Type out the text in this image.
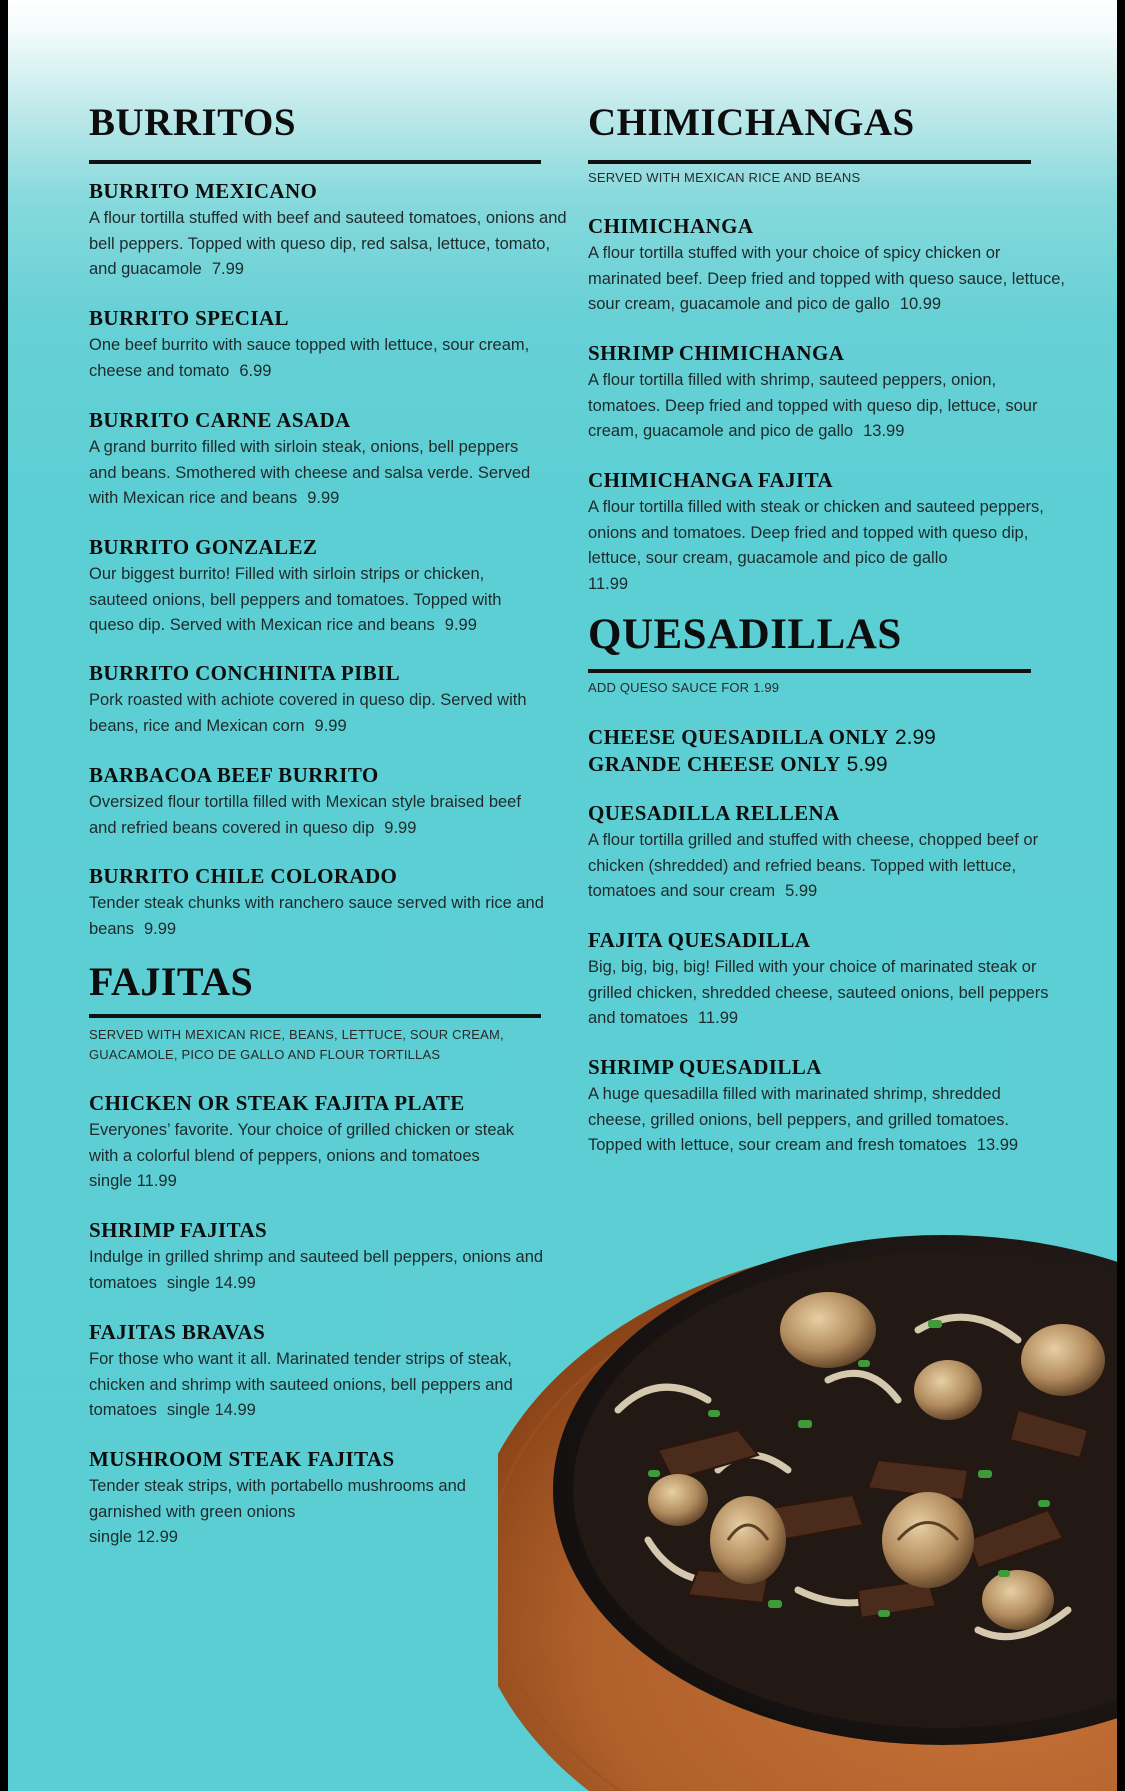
BURRITOS
BURRITO MEXICANO
A flour tortilla stuffed with beef and sauteed tomatoes, onions and bell peppers. Topped with queso dip, red salsa, lettuce, tomato, and guacamole 7.99
BURRITO SPECIAL
One beef burrito with sauce topped with lettuce, sour cream, cheese and tomato 6.99
BURRITO CARNE ASADA
A grand burrito filled with sirloin steak, onions, bell peppers and beans. Smothered with cheese and salsa verde. Served with Mexican rice and beans 9.99
BURRITO GONZALEZ
Our biggest burrito! Filled with sirloin strips or chicken, sauteed onions, bell peppers and tomatoes. Topped with queso dip. Served with Mexican rice and beans 9.99
BURRITO CONCHINITA PIBIL
Pork roasted with achiote covered in queso dip. Served with beans, rice and Mexican corn 9.99
BARBACOA BEEF BURRITO
Oversized flour tortilla filled with Mexican style braised beef and refried beans covered in queso dip 9.99
BURRITO CHILE COLORADO
Tender steak chunks with ranchero sauce served with rice and beans 9.99
FAJITAS
SERVED WITH MEXICAN RICE, BEANS, LETTUCE, SOUR CREAM,
GUACAMOLE, PICO DE GALLO AND FLOUR TORTILLAS
CHICKEN OR STEAK FAJITA PLATE
Everyones’ favorite. Your choice of grilled chicken or steak with a colorful blend of peppers, onions and tomatoes
single 11.99
SHRIMP FAJITAS
Indulge in grilled shrimp and sauteed bell peppers, onions and tomatoes single 14.99
FAJITAS BRAVAS
For those who want it all. Marinated tender strips of steak, chicken and shrimp with sauteed onions, bell peppers and tomatoes single 14.99
MUSHROOM STEAK FAJITAS
Tender steak strips, with portabello mushrooms and garnished with green onions
single 12.99
CHIMICHANGAS
SERVED WITH MEXICAN RICE AND BEANS
CHIMICHANGA
A flour tortilla stuffed with your choice of spicy chicken or marinated beef. Deep fried and topped with queso sauce, lettuce, sour cream, guacamole and pico de gallo 10.99
SHRIMP CHIMICHANGA
A flour tortilla filled with shrimp, sauteed peppers, onion, tomatoes. Deep fried and topped with queso dip, lettuce, sour cream, guacamole and pico de gallo 13.99
CHIMICHANGA FAJITA
A flour tortilla filled with steak or chicken and sauteed peppers, onions and tomatoes. Deep fried and topped with queso dip, lettuce, sour cream, guacamole and pico de gallo
11.99
QUESADILLAS
ADD QUESO SAUCE FOR 1.99
CHEESE QUESADILLA ONLY 2.99
GRANDE CHEESE ONLY 5.99
QUESADILLA RELLENA
A flour tortilla grilled and stuffed with cheese, chopped beef or chicken (shredded) and refried beans. Topped with lettuce, tomatoes and sour cream 5.99
FAJITA QUESADILLA
Big, big, big, big! Filled with your choice of marinated steak or grilled chicken, shredded cheese, sauteed onions, bell peppers and tomatoes 11.99
SHRIMP QUESADILLA
A huge quesadilla filled with marinated shrimp, shredded cheese, grilled onions, bell peppers, and grilled tomatoes. Topped with lettuce, sour cream and fresh tomatoes 13.99
